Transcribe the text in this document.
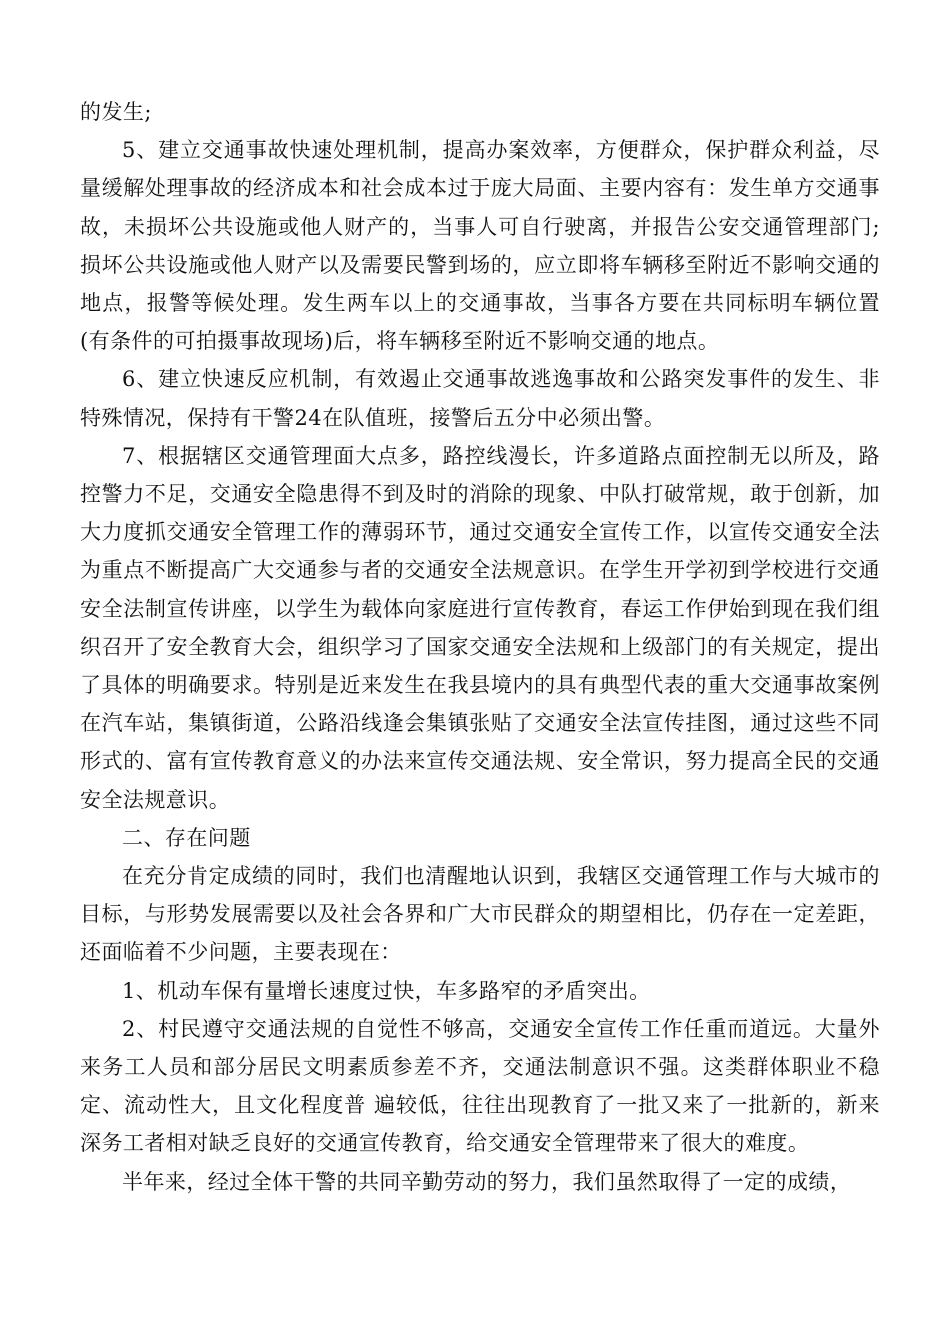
的发生;

5、建立交通事故快速处理机制，提高办案效率，方便群众，保护群众利益，尽量缓解处理事故的经济成本和社会成本过于庞大局面、主要内容有：发生单方交通事故，未损坏公共设施或他人财产的，当事人可自行驶离，并报告公安交通管理部门;损坏公共设施或他人财产以及需要民警到场的，应立即将车辆移至附近不影响交通的地点，报警等候处理。发生两车以上的交通事故，当事各方要在共同标明车辆位置(有条件的可拍摄事故现场)后，将车辆移至附近不影响交通的地点。

6、建立快速反应机制，有效遏止交通事故逃逸事故和公路突发事件的发生、非特殊情况，保持有干警24在队值班，接警后五分中必须出警。

7、根据辖区交通管理面大点多，路控线漫长，许多道路点面控制无以所及，路控警力不足，交通安全隐患得不到及时的消除的现象、中队打破常规，敢于创新，加大力度抓交通安全管理工作的薄弱环节，通过交通安全宣传工作，以宣传交通安全法为重点不断提高广大交通参与者的交通安全法规意识。在学生开学初到学校进行交通安全法制宣传讲座，以学生为载体向家庭进行宣传教育，春运工作伊始到现在我们组织召开了安全教育大会，组织学习了国家交通安全法规和上级部门的有关规定，提出了具体的明确要求。特别是近来发生在我县境内的具有典型代表的重大交通事故案例在汽车站，集镇街道，公路沿线逢会集镇张贴了交通安全法宣传挂图，通过这些不同形式的、富有宣传教育意义的办法来宣传交通法规、安全常识，努力提高全民的交通安全法规意识。

二、存在问题

在充分肯定成绩的同时，我们也清醒地认识到，我辖区交通管理工作与大城市的目标，与形势发展需要以及社会各界和广大市民群众的期望相比，仍存在一定差距，还面临着不少问题，主要表现在：

1、机动车保有量增长速度过快，车多路窄的矛盾突出。

2、村民遵守交通法规的自觉性不够高，交通安全宣传工作任重而道远。大量外来务工人员和部分居民文明素质参差不齐，交通法制意识不强。这类群体职业不稳定、流动性大，且文化程度普 遍较低，往往出现教育了一批又来了一批新的，新来深务工者相对缺乏良好的交通宣传教育，给交通安全管理带来了很大的难度。

半年来，经过全体干警的共同辛勤劳动的努力，我们虽然取得了一定的成绩，
